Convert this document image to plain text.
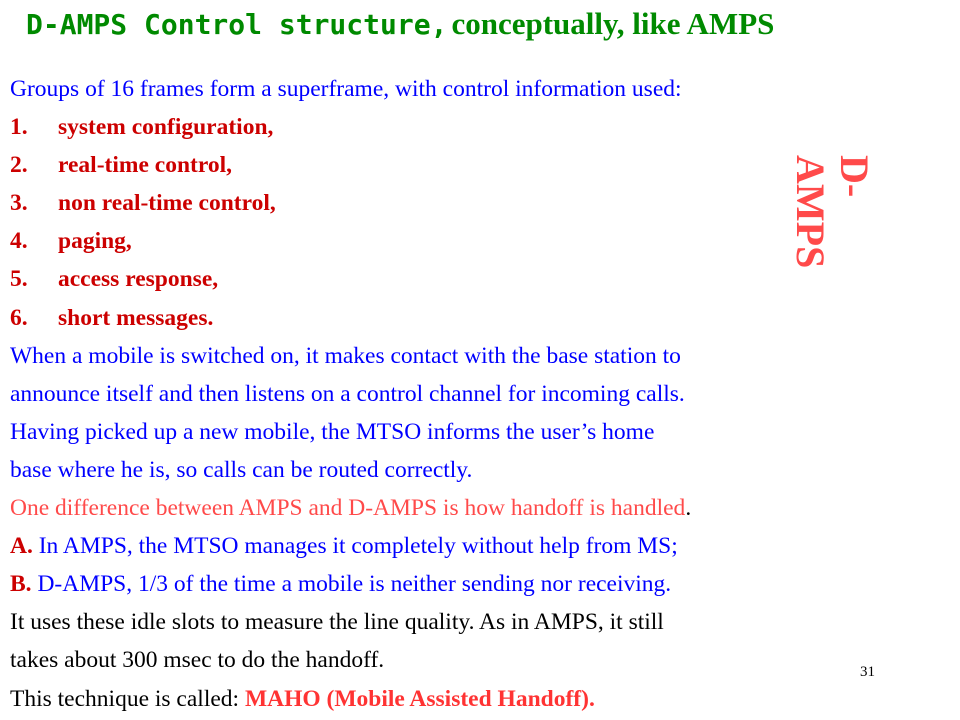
D-AMPS Control structure, conceptually, like AMPS
D-
AMPS
Groups of 16 frames form a superframe, with control information used:
1. system configuration,
2. real-time control,
3. non real-time control,
4. paging,
5. access response,
6. short messages.
When a mobile is switched on, it makes contact with the base station to
announce itself and then listens on a control channel for incoming calls.
Having picked up a new mobile, the MTSO informs the user’s home
base where he is, so calls can be routed correctly.
One difference between AMPS and D-AMPS is how handoff is handled.
A. In AMPS, the MTSO manages it completely without help from MS;
B. D-AMPS, 1/3 of the time a mobile is neither sending nor receiving.
It uses these idle slots to measure the line quality. As in AMPS, it still
takes about 300 msec to do the handoff.
This technique is called: MAHO (Mobile Assisted Handoff).
31
